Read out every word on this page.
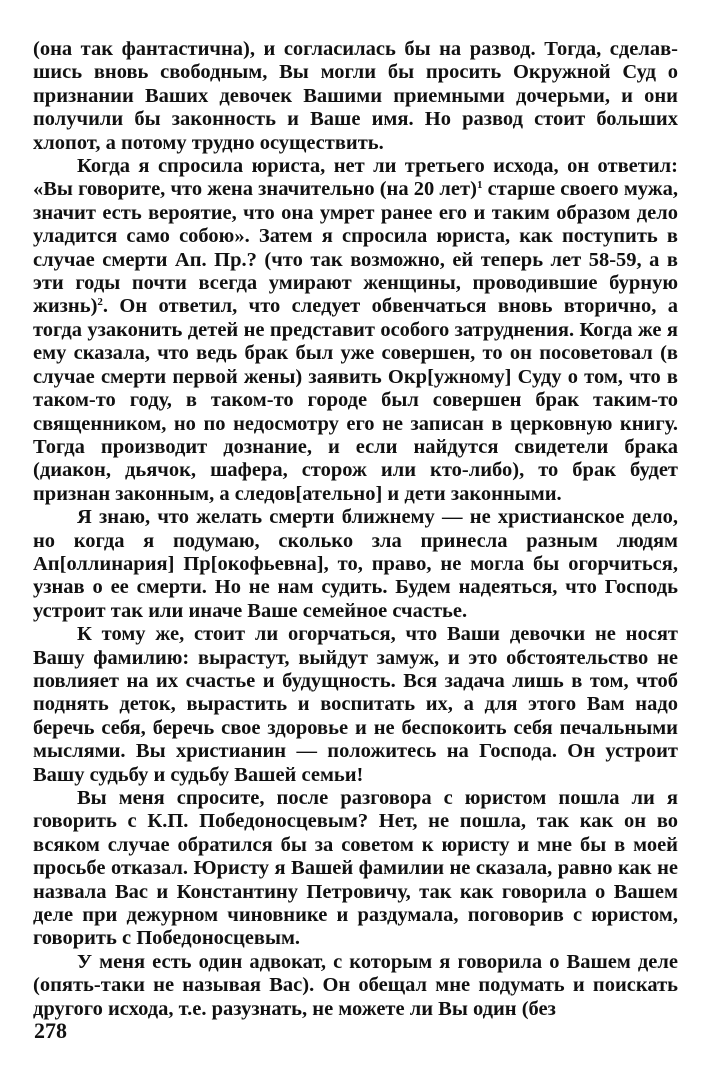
(она так фантастична), и согласилась бы на развод. Тогда, сделавшись вновь свободным, Вы могли бы просить Окружной Суд о признании Ваших девочек Вашими приемными дочерьми, и они получили бы законность и Ваше имя. Но развод стоит больших хлопот, а потому трудно осуществить.

Когда я спросила юриста, нет ли третьего исхода, он ответил: «Вы говорите, что жена значительно (на 20 лет)$^1$ старше своего мужа, значит есть вероятие, что она умрет ранее его и таким образом дело уладится само собою». Затем я спросила юриста, как поступить в случае смерти Ап. Пр.? (что так возможно, ей теперь лет 58-59, а в эти годы почти всегда умирают женщины, проводившие бурную жизнь)$^2$. Он ответил, что следует обвенчаться вновь вторично, а тогда узаконить детей не представит особого затруднения. Когда же я ему сказала, что ведь брак был уже совершен, то он посоветовал (в случае смерти первой жены) заявить Окр[ужному] Суду о том, что в таком-то году, в таком-то городе был совершен брак таким-то священником, но по недосмотру его не записан в церковную книгу. Тогда производит дознание, и если найдутся свидетели брака (диакон, дьячок, шафера, сторож или кто-либо), то брак будет признан законным, а следов[ательно] и дети законными.

Я знаю, что желать смерти ближнему — не христианское дело, но когда я подумаю, сколько зла принесла разным людям Ап[оллинария] Пр[окофьевна], то, право, не могла бы огорчиться, узнав о ее смерти. Но не нам судить. Будем надеяться, что Господь устроит так или иначе Ваше семейное счастье.

К тому же, стоит ли огорчаться, что Ваши девочки не носят Вашу фамилию: вырастут, выйдут замуж, и это обстоятельство не повлияет на их счастье и будущность. Вся задача лишь в том, чтоб поднять деток, вырастить и воспитать их, а для этого Вам надо беречь себя, беречь свое здоровье и не беспокоить себя печальными мыслями. Вы христианин — положитесь на Господа. Он устроит Вашу судьбу и судьбу Вашей семьи!

Вы меня спросите, после разговора с юристом пошла ли я говорить с К.П. Победоносцевым? Нет, не пошла, так как он во всяком случае обратился бы за советом к юристу и мне бы в моей просьбе отказал. Юристу я Вашей фамилии не сказала, равно как не назвала Вас и Константину Петровичу, так как говорила о Вашем деле при дежурном чиновнике и раздумала, поговорив с юристом, говорить с Победоносцевым.

У меня есть один адвокат, с которым я говорила о Вашем деле (опять-таки не называя Вас). Он обещал мне подумать и поискать другого исхода, т.е. разузнать, не можете ли Вы один (без

278
